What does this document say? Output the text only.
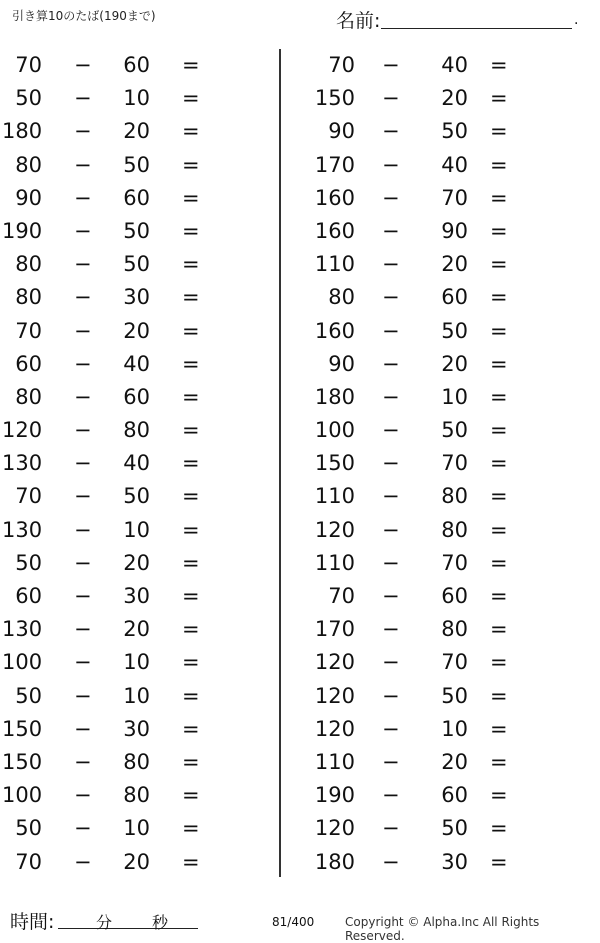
引き算10のたば(190まで)	名前:	.
70 −	60 =
50 −	10 =
180 −	20 =
80 −	50 =
90 −	60 =
190 −	50 =
80 −	50 =
80 −	30 =
70 −	20 =
60 −	40 =
80 −	60 =
120 −	80 =
130 −	40 =
70 −	50 =
130 −	10 =
50 −	20 =
60 −	30 =
130 −	20 =
100 −	10 =
50 −	10 =
150 −	30 =
150 −	80 =
100 −	80 =
50 −	10 =
70 −	20 =
70 −	40 =
150 −	20 =
90 −	50 =
170 −	40 =
160 −	70 =
160 −	90 =
110 −	20 =
80 −	60 =
160 −	50 =
90 −	20 =
180 −	10 =
100 −	50 =
150 −	70 =
110 −	80 =
120 −	80 =
110 −	70 =
70 −	60 =
170 −	80 =
120 −	70 =
120 −	50 =
120 −	10 =
110 −	20 =
190 −	60 =
120 −	50 =
180 −	30 =
時間:	分 秒	81/400	Copyright © Alpha.Inc All Rights Reserved.
